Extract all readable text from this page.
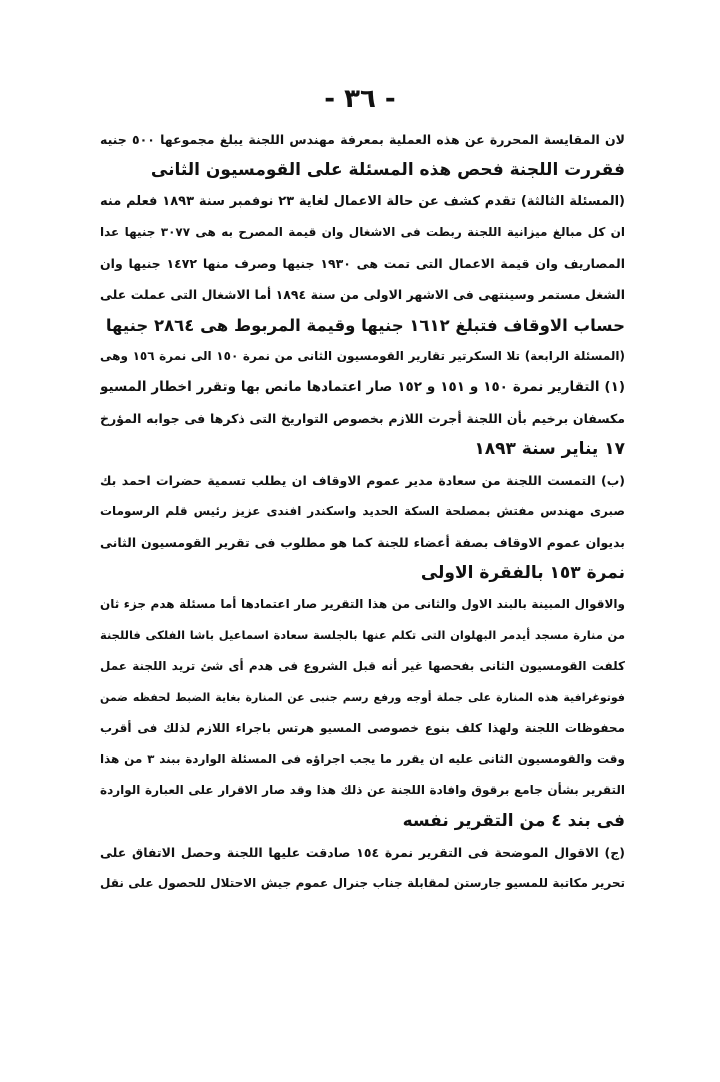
- ٣٦ -
لان المقايسة المحررة عن هذه العملية بمعرفة مهندس اللجنة يبلغ مجموعها ٥٠٠ جنيه
فقررت اللجنة فحص هذه المسئلة على القومسيون الثانى
(المسئلة الثالثة) تقدم كشف عن حالة الاعمال لغاية ٢٣ نوفمبر سنة ١٨٩٣ فعلم منه
ان كل مبالغ ميزانية اللجنة ربطت فى الاشغال وان قيمة المصرح به هى ٣٠٧٧ جنيها عدا
المصاريف وان قيمة الاعمال التى تمت هى ١٩٣٠ جنيها وصرف منها ١٤٧٢ جنيها وان
الشغل مستمر وسينتهى فى الاشهر الاولى من سنة ١٨٩٤ أما الاشغال التى عملت على
حساب الاوقاف فتبلغ ١٦١٢ جنيها وقيمة المربوط هى ٢٨٦٤ جنيها
(المسئلة الرابعة) تلا السكرتير تقارير القومسيون الثانى من نمرة ١٥٠ الى نمرة ١٥٦ وهى
(١) التقارير نمرة ١٥٠ و ١٥١ و ١٥٢ صار اعتمادها مانص بها وتقرر اخطار المسيو
مكسفان برخيم بأن اللجنة أجرت اللازم بخصوص التواريخ التى ذكرها فى جوابه المؤرخ
١٧ يناير سنة ١٨٩٣
(ب) التمست اللجنة من سعادة مدير عموم الاوقاف ان يطلب تسمية حضرات احمد بك
صبرى مهندس مفتش بمصلحة السكة الحديد واسكندر افندى عزيز رئيس قلم الرسومات
بديوان عموم الاوقاف بصفة أعضاء للجنة كما هو مطلوب فى تقرير القومسيون الثانى
نمرة ١٥٣ بالفقرة الاولى
والاقوال المبينة بالبند الاول والثانى من هذا التقرير صار اعتمادها أما مسئلة هدم جزء ثان
من منارة مسجد أيدمر البهلوان التى تكلم عنها بالجلسة سعادة اسماعيل باشا الفلكى فاللجنة
كلفت القومسيون الثانى بفحصها غير أنه قبل الشروع فى هدم أى شئ تريد اللجنة عمل
فوتوغرافية هذه المنارة على جملة أوجه ورفع رسم جنبى عن المنارة بغاية الضبط لحفظه ضمن
محفوظات اللجنة ولهذا كلف بنوع خصوصى المسيو هرتس باجراء اللازم لذلك فى أقرب
وقت والقومسيون الثانى عليه ان يقرر ما يجب اجراؤه فى المسئلة الواردة ببند ٣ من هذا
التقرير بشأن جامع برقوق وافادة اللجنة عن ذلك هذا وقد صار الاقرار على العبارة الواردة
فى بند ٤ من التقرير نفسه
(ج) الاقوال الموضحة فى التقرير نمرة ١٥٤ صادقت عليها اللجنة وحصل الاتفاق على
تحرير مكاتبة للمسيو جارستن لمقابلة جناب جنرال عموم جيش الاحتلال للحصول على نقل
